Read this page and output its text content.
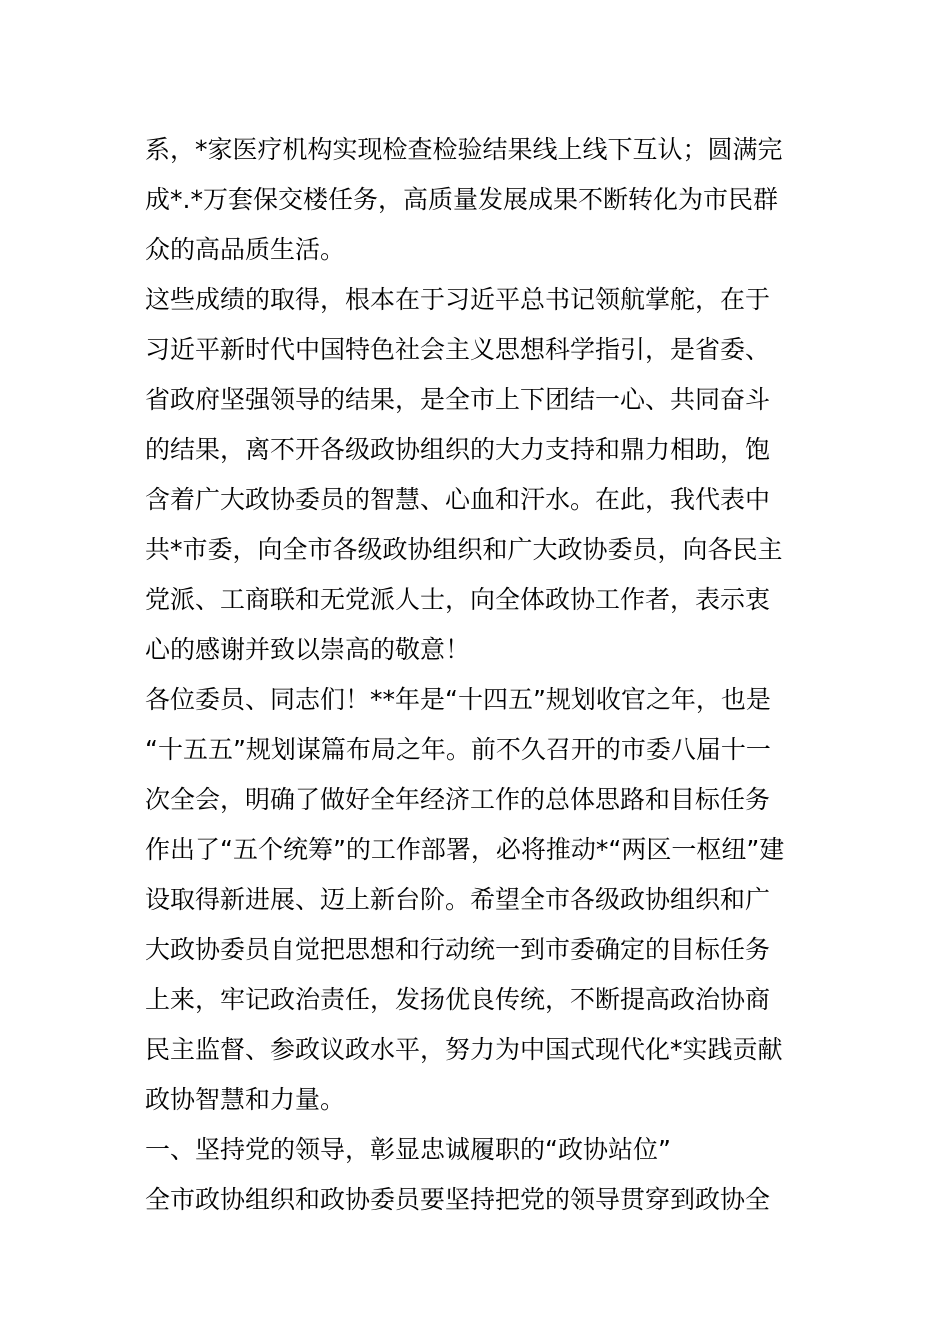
系，*家医疗机构实现检查检验结果线上线下互认；圆满完
成*.*万套保交楼任务，高质量发展成果不断转化为市民群
众的高品质生活。
这些成绩的取得，根本在于习近平总书记领航掌舵，在于
习近平新时代中国特色社会主义思想科学指引，是省委、
省政府坚强领导的结果，是全市上下团结一心、共同奋斗
的结果，离不开各级政协组织的大力支持和鼎力相助，饱
含着广大政协委员的智慧、心血和汗水。在此，我代表中
共*市委，向全市各级政协组织和广大政协委员，向各民主
党派、工商联和无党派人士，向全体政协工作者，表示衷
心的感谢并致以崇高的敬意！
各位委员、同志们！**年是“十四五”规划收官之年，也是
“十五五”规划谋篇布局之年。前不久召开的市委八届十一
次全会，明确了做好全年经济工作的总体思路和目标任务
作出了“五个统筹”的工作部署，必将推动*“两区一枢纽”建
设取得新进展、迈上新台阶。希望全市各级政协组织和广
大政协委员自觉把思想和行动统一到市委确定的目标任务
上来，牢记政治责任，发扬优良传统，不断提高政治协商
民主监督、参政议政水平，努力为中国式现代化*实践贡献
政协智慧和力量。
一、坚持党的领导，彰显忠诚履职的“政协站位”
全市政协组织和政协委员要坚持把党的领导贯穿到政协全
